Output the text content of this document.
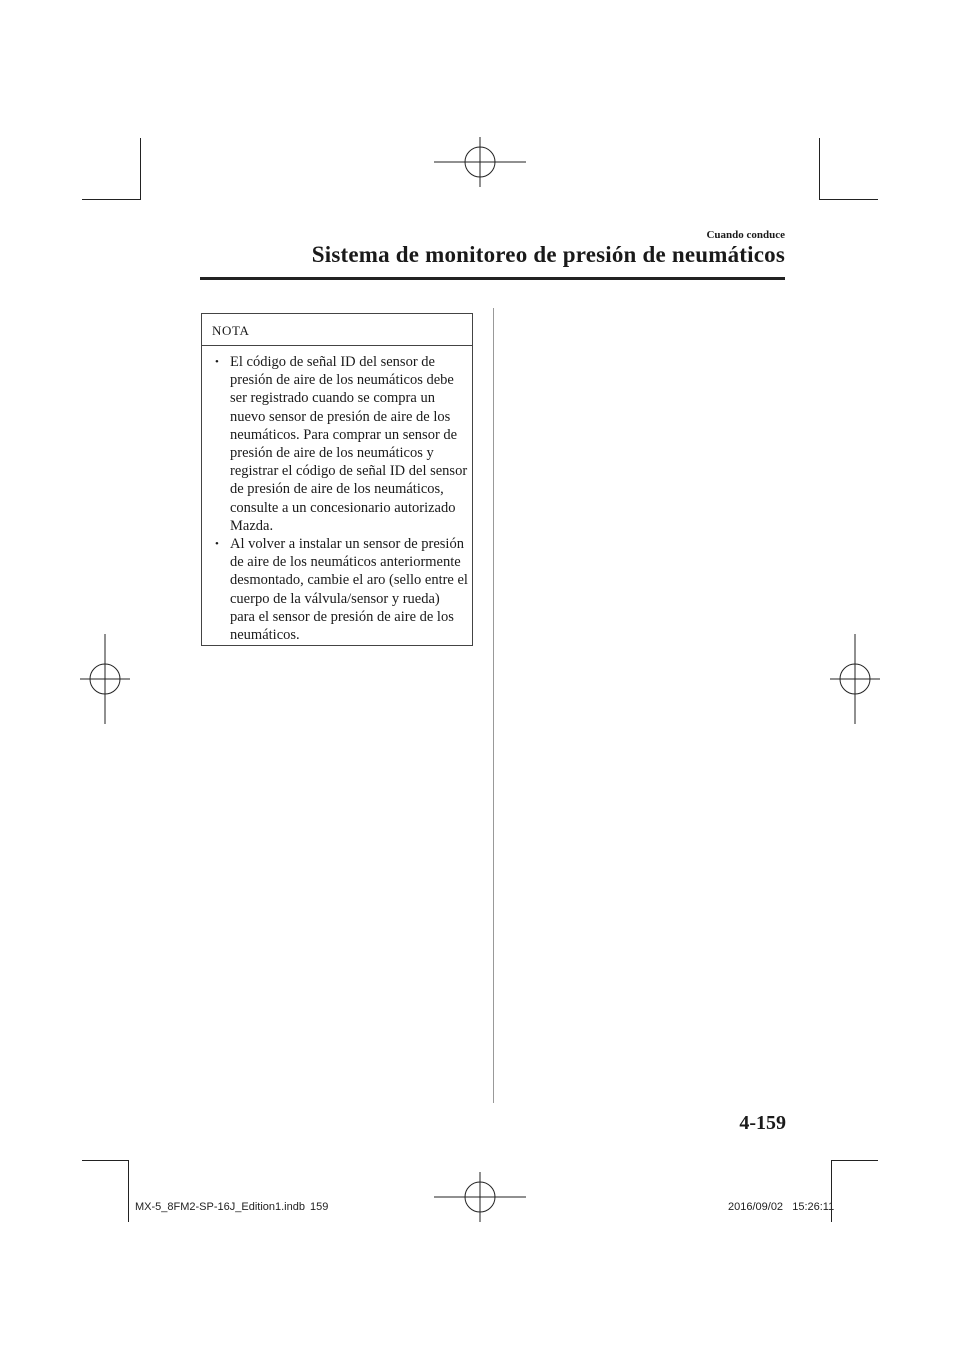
Cuando conduce
Sistema de monitoreo de presión de neumáticos
NOTA
• El código de señal ID del sensor de presión de aire de los neumáticos debe ser registrado cuando se compra un nuevo sensor de presión de aire de los neumáticos. Para comprar un sensor de presión de aire de los neumáticos y registrar el código de señal ID del sensor de presión de aire de los neumáticos, consulte a un concesionario autorizado Mazda.
• Al volver a instalar un sensor de presión de aire de los neumáticos anteriormente desmontado, cambie el aro (sello entre el cuerpo de la válvula/sensor y rueda) para el sensor de presión de aire de los neumáticos.
4-159
MX-5_8FM2-SP-16J_Edition1.indb 159	2016/09/02   15:26:11
